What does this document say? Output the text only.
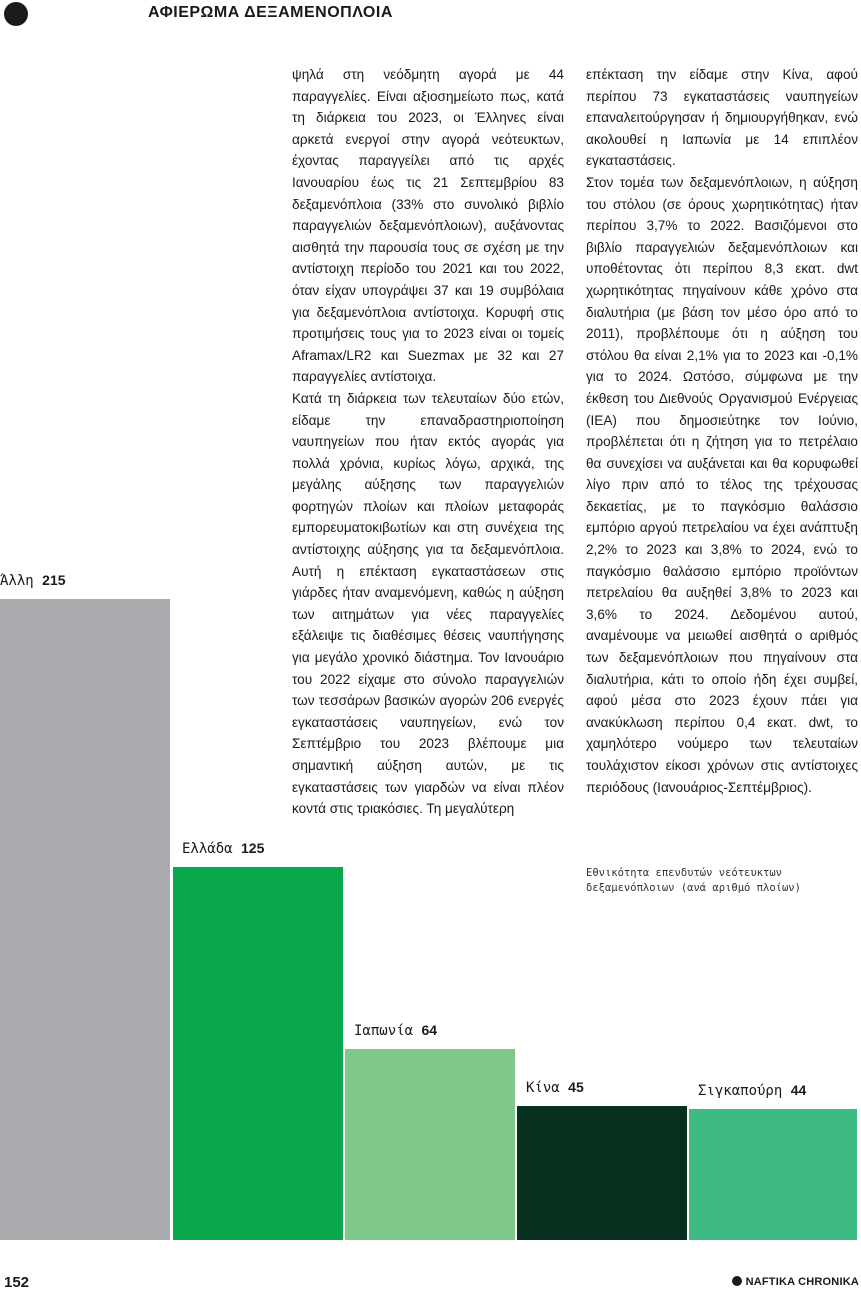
ΑΦΙΕΡΩΜΑ ΔΕΞΑΜΕΝΟΠΛΟΙΑ

ψηλά στη νεόδμητη αγορά με 44 παραγγελίες. Είναι αξιοσημείωτο πως, κατά τη διάρκεια του 2023, οι Έλληνες είναι αρκετά ενεργοί στην αγορά νεότευκτων, έχοντας παραγγείλει από τις αρχές Ιανουαρίου έως τις 21 Σεπτεμβρίου 83 δεξαμενόπλοια (33% στο συνολικό βιβλίο παραγγελιών δεξαμενόπλοιων), αυξάνοντας αισθητά την παρουσία τους σε σχέση με την αντίστοιχη περίοδο του 2021 και του 2022, όταν είχαν υπογράψει 37 και 19 συμβόλαια για δεξαμενόπλοια αντίστοιχα. Κορυφή στις προτιμήσεις τους για το 2023 είναι οι τομείς Aframax/LR2 και Suezmax με 32 και 27 παραγγελίες αντίστοιχα.

Κατά τη διάρκεια των τελευταίων δύο ετών, είδαμε την επαναδραστηριοποίηση ναυπηγείων που ήταν εκτός αγοράς για πολλά χρόνια, κυρίως λόγω, αρχικά, της μεγάλης αύξησης των παραγγελιών φορτηγών πλοίων και πλοίων μεταφοράς εμπορευματοκιβωτίων και στη συνέχεια της αντίστοιχης αύξησης για τα δεξαμενόπλοια. Αυτή η επέκταση εγκαταστάσεων στις γιάρδες ήταν αναμενόμενη, καθώς η αύξηση των αιτημάτων για νέες παραγγελίες εξάλειψε τις διαθέσιμες θέσεις ναυπήγησης για μεγάλο χρονικό διάστημα. Τον Ιανουάριο του 2022 είχαμε στο σύνολο παραγγελιών των τεσσάρων βασικών αγορών 206 ενεργές εγκαταστάσεις ναυπηγείων, ενώ τον Σεπτέμβριο του 2023 βλέπουμε μια σημαντική αύξηση αυτών, με τις εγκαταστάσεις των γιαρδών να είναι πλέον κοντά στις τριακόσιες. Τη μεγαλύτερη

επέκταση την είδαμε στην Κίνα, αφού περίπου 73 εγκαταστάσεις ναυπηγείων επαναλειτούργησαν ή δημιουργήθηκαν, ενώ ακολουθεί η Ιαπωνία με 14 επιπλέον εγκαταστάσεις.

Στον τομέα των δεξαμενόπλοιων, η αύξηση του στόλου (σε όρους χωρητικότητας) ήταν περίπου 3,7% το 2022. Βασιζόμενοι στο βιβλίο παραγγελιών δεξαμενόπλοιων και υποθέτοντας ότι περίπου 8,3 εκατ. dwt χωρητικότητας πηγαίνουν κάθε χρόνο στα διαλυτήρια (με βάση τον μέσο όρο από το 2011), προβλέπουμε ότι η αύξηση του στόλου θα είναι 2,1% για το 2023 και -0,1% για το 2024. Ωστόσο, σύμφωνα με την έκθεση του Διεθνούς Οργανισμού Ενέργειας (ΙΕΑ) που δημοσιεύτηκε τον Ιούνιο, προβλέπεται ότι η ζήτηση για το πετρέλαιο θα συνεχίσει να αυξάνεται και θα κορυφωθεί λίγο πριν από το τέλος της τρέχουσας δεκαετίας, με το παγκόσμιο θαλάσσιο εμπόριο αργού πετρελαίου να έχει ανάπτυξη 2,2% το 2023 και 3,8% το 2024, ενώ το παγκόσμιο θαλάσσιο εμπόριο προϊόντων πετρελαίου θα αυξηθεί 3,8% το 2023 και 3,6% το 2024. Δεδομένου αυτού, αναμένουμε να μειωθεί αισθητά ο αριθμός των δεξαμενόπλοιων που πηγαίνουν στα διαλυτήρια, κάτι το οποίο ήδη έχει συμβεί, αφού μέσα στο 2023 έχουν πάει για ανακύκλωση περίπου 0,4 εκατ. dwt, το χαμηλότερο νούμερο των τελευταίων τουλάχιστον είκοσι χρόνων στις αντίστοιχες περιόδους (Ιανουάριος-Σεπτέμβριος).

Εθνικότητα επενδυτών νεότευκτων
δεξαμενόπλοιων (ανά αριθμό πλοίων)
Άλλη 215
Ελλάδα 125
Ιαπωνία 64
Κίνα 45	Σιγκαπούρη 44
152	NAFTIKA CHRONIKA
